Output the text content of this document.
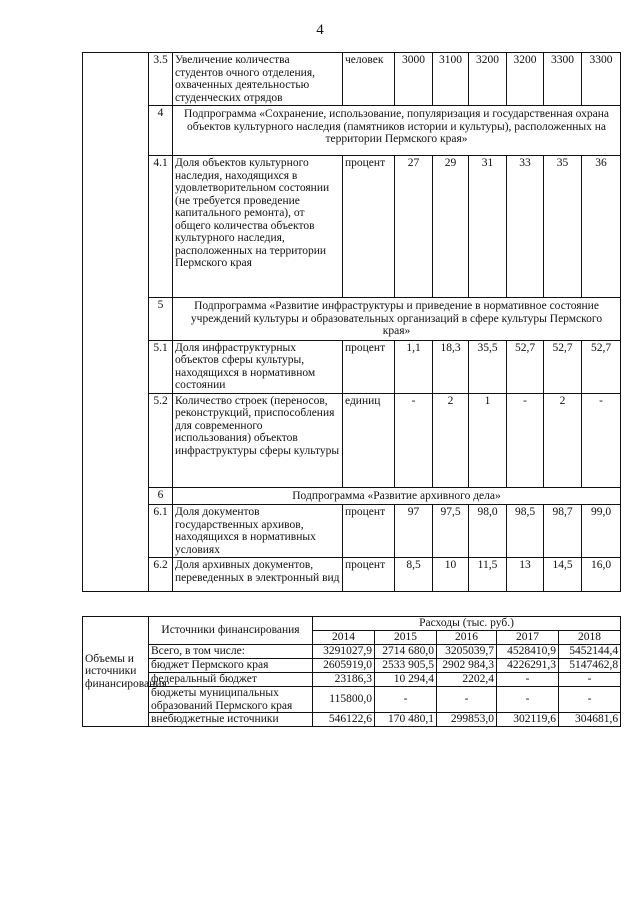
4
	3.5	Увеличение количества студентов очного отделения, охваченных деятельностью студенческих отрядов	человек	3000	3100	3200	3200	3300	3300
	4	Подпрограмма «Сохранение, использование, популяризация и государственная охрана объектов культурного наследия (памятников истории и культуры), расположенных на территории Пермского края»							
	4.1	Доля объектов культурного наследия, находящихся в удовлетворительном состоянии (не требуется проведение капитального ремонта), от общего количества объектов культурного наследия, расположенных на территории Пермского края	процент	27	29	31	33	35	36
	5	Подпрограмма «Развитие инфраструктуры и приведение в нормативное состояние учреждений культуры и образовательных организаций в сфере культуры Пермского края»							
	5.1	Доля инфраструктурных объектов сферы культуры, находящихся в нормативном состоянии	процент	1,1	18,3	35,5	52,7	52,7	52,7
	5.2	Количество строек (переносов, реконструкций, приспособления для современного использования) объектов инфраструктуры сферы культуры	единиц	-	2	1	-	2	-
	6	Подпрограмма «Развитие архивного дела»							
	6.1	Доля документов государственных архивов, находящихся в нормативных условиях	процент	97	97,5	98,0	98,5	98,7	99,0
	6.2	Доля архивных документов, переведенных в электронный вид	процент	8,5	10	11,5	13	14,5	16,0
Объемы и источники финансирования	Источники финансирования	Расходы (тыс. руб.)				
		2014	2015	2016	2017	2018
	Всего, в том числе:	3291027,9	2714 680,0	3205039,7	4528410,9	5452144,4
	бюджет Пермского края	2605919,0	2533 905,5	2902 984,3	4226291,3	5147462,8
	федеральный бюджет	23186,3	10 294,4	2202,4	-	-
	бюджеты муниципальных образований Пермского края	115800,0	-	-	-	-
	внебюджетные источники	546122,6	170 480,1	299853,0	302119,6	304681,6
